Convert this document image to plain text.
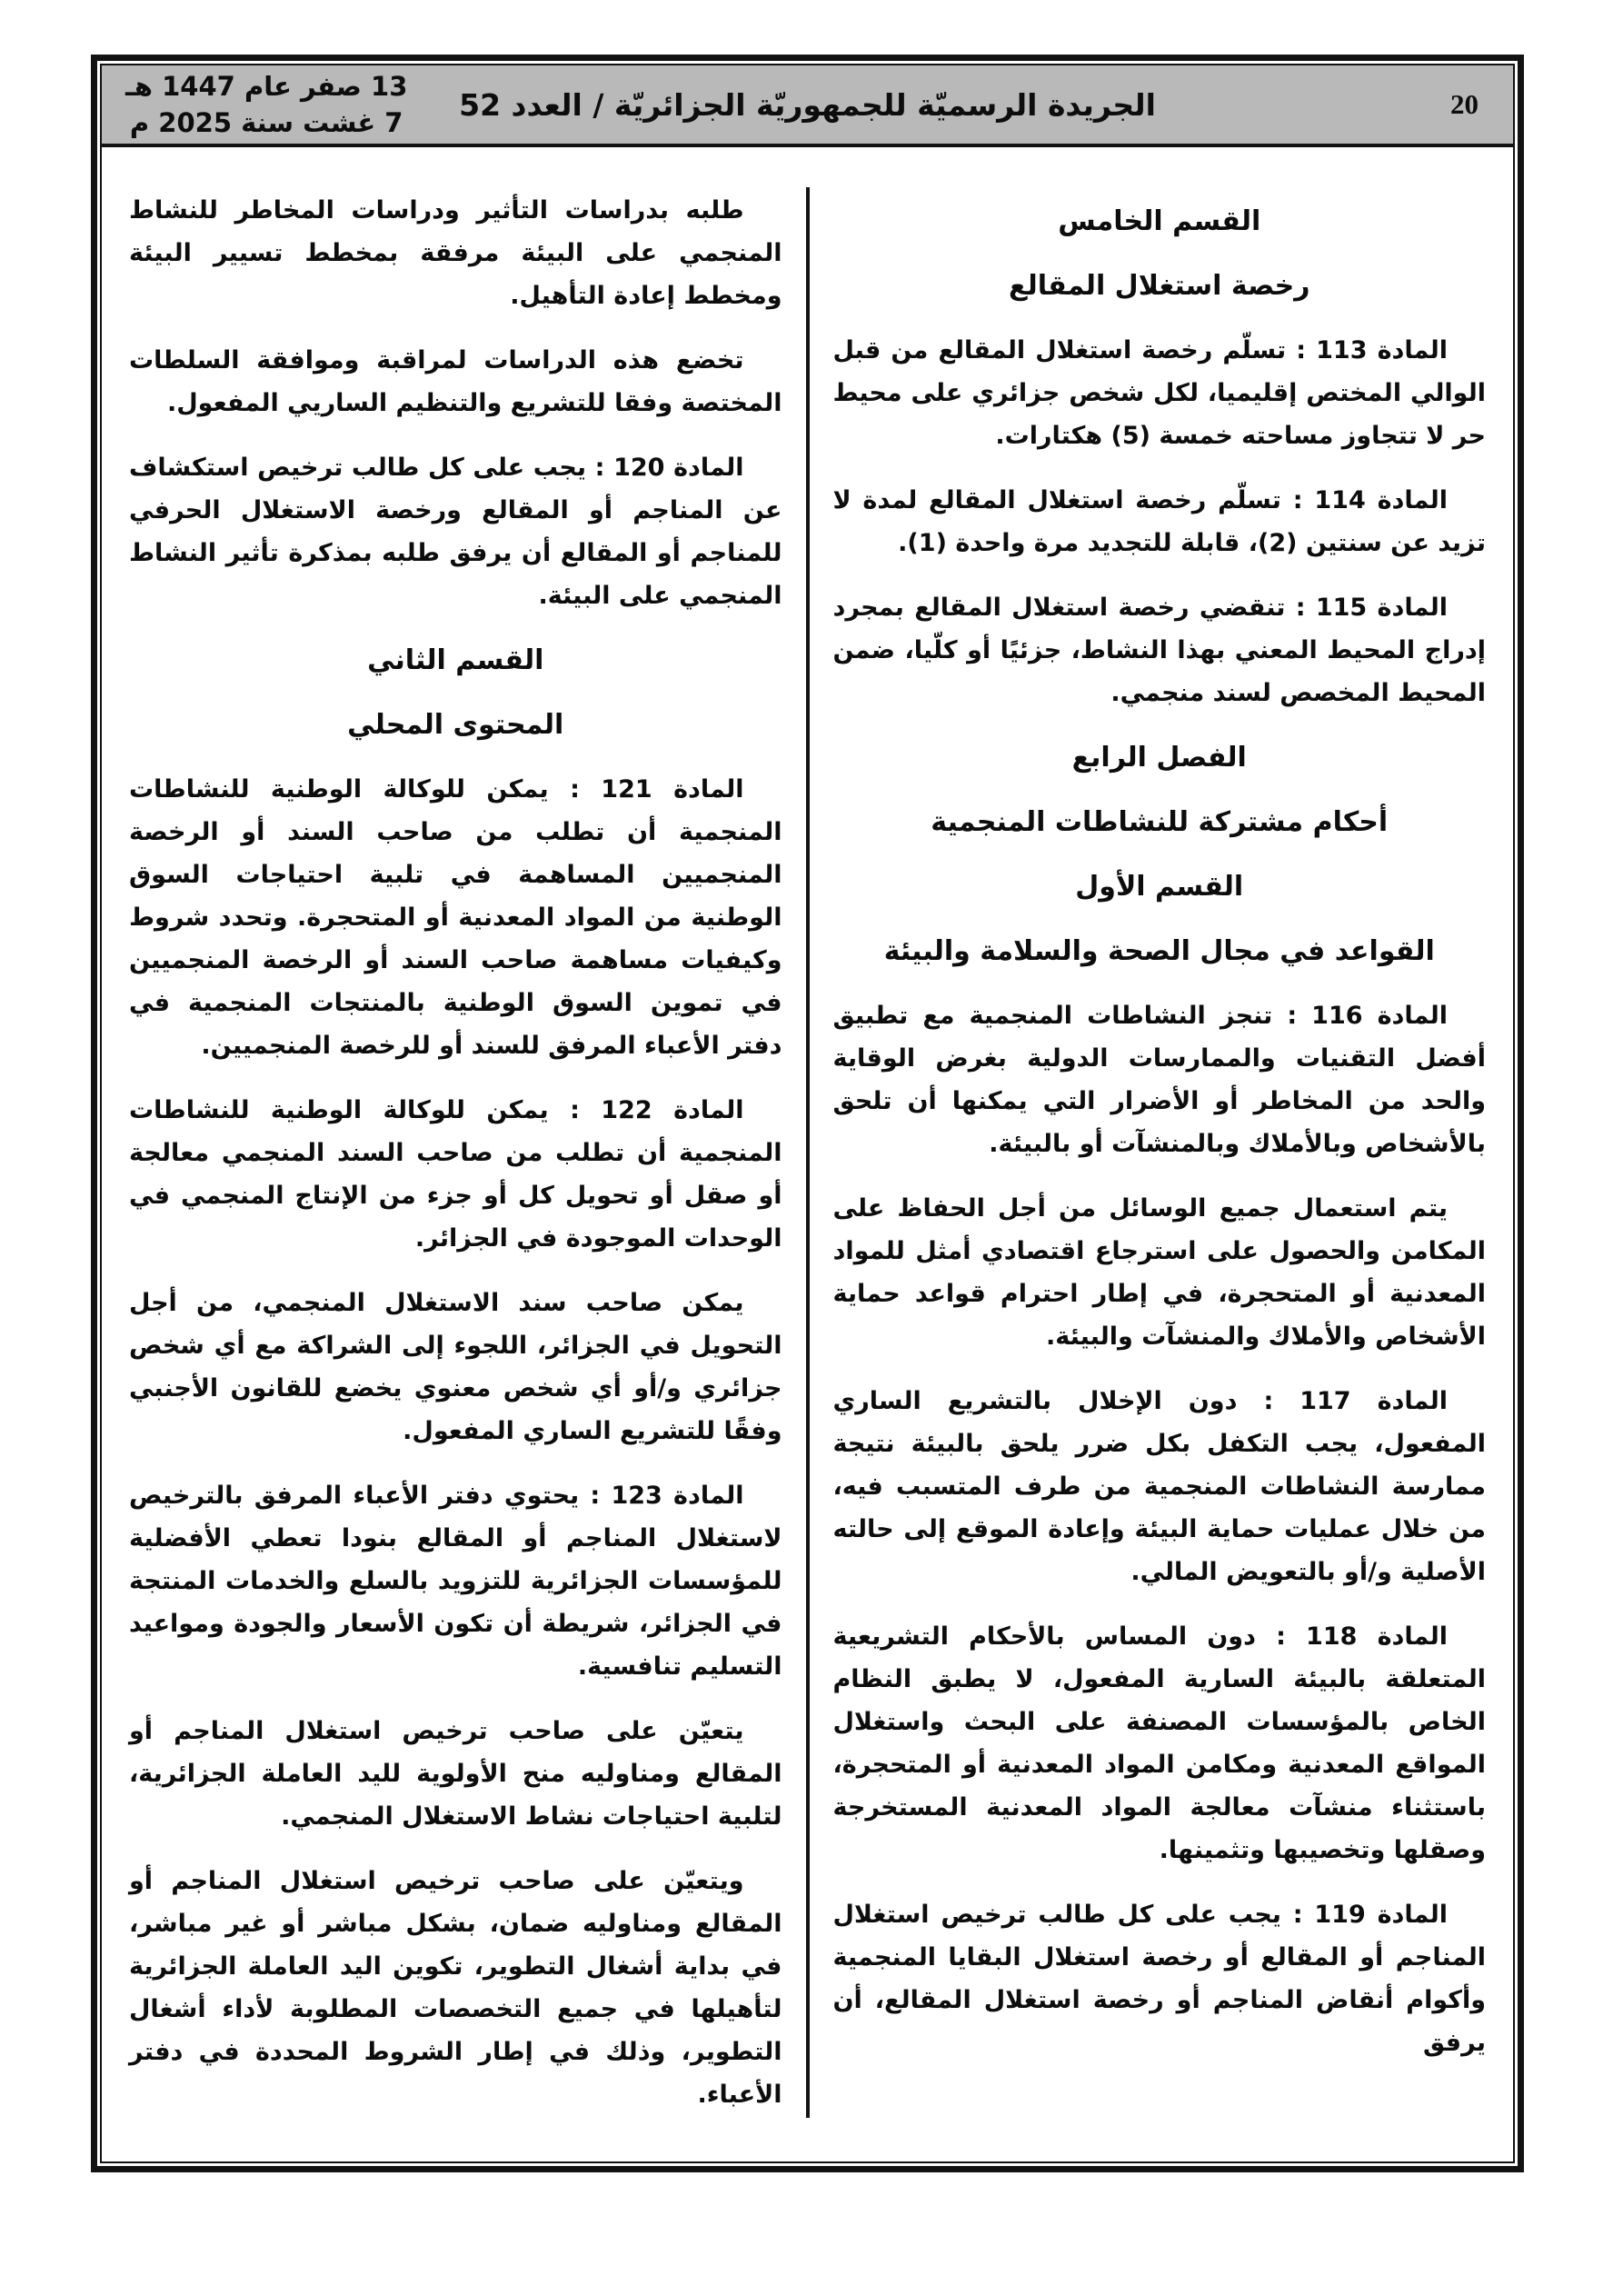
13 صفر عام 1447 هـ
7 غشت سنة 2025 م
الجريدة الرسميّة للجمهوريّة الجزائريّة / العدد 52	20
القسم الخامس
رخصة استغلال المقالع

المادة 113 : تسلّم رخصة استغلال المقالع من قبل الوالي المختص إقليميا، لكل شخص جزائري على محيط حر لا تتجاوز مساحته خمسة (5) هكتارات.

المادة 114 : تسلّم رخصة استغلال المقالع لمدة لا تزيد عن سنتين (2)، قابلة للتجديد مرة واحدة (1).

المادة 115 : تنقضي رخصة استغلال المقالع بمجرد إدراج المحيط المعني بهذا النشاط، جزئيًا أو كلّيا، ضمن المحيط المخصص لسند منجمي.

الفصل الرابع
أحكام مشتركة للنشاطات المنجمية
القسم الأول
القواعد في مجال الصحة والسلامة والبيئة

المادة 116 : تنجز النشاطات المنجمية مع تطبيق أفضل التقنيات والممارسات الدولية بغرض الوقاية والحد من المخاطر أو الأضرار التي يمكنها أن تلحق بالأشخاص وبالأملاك وبالمنشآت أو بالبيئة.

يتم استعمال جميع الوسائل من أجل الحفاظ على المكامن والحصول على استرجاع اقتصادي أمثل للمواد المعدنية أو المتحجرة، في إطار احترام قواعد حماية الأشخاص والأملاك والمنشآت والبيئة.

المادة 117 : دون الإخلال بالتشريع الساري المفعول، يجب التكفل بكل ضرر يلحق بالبيئة نتيجة ممارسة النشاطات المنجمية من طرف المتسبب فيه، من خلال عمليات حماية البيئة وإعادة الموقع إلى حالته الأصلية و/أو بالتعويض المالي.

المادة 118 : دون المساس بالأحكام التشريعية المتعلقة بالبيئة السارية المفعول، لا يطبق النظام الخاص بالمؤسسات المصنفة على البحث واستغلال المواقع المعدنية ومكامن المواد المعدنية أو المتحجرة، باستثناء منشآت معالجة المواد المعدنية المستخرجة وصقلها وتخصيبها وتثمينها.

المادة 119 : يجب على كل طالب ترخيص استغلال المناجم أو المقالع أو رخصة استغلال البقايا المنجمية وأكوام أنقاض المناجم أو رخصة استغلال المقالع، أن يرفق

طلبه بدراسات التأثير ودراسات المخاطر للنشاط المنجمي على البيئة مرفقة بمخطط تسيير البيئة ومخطط إعادة التأهيل.

تخضع هذه الدراسات لمراقبة وموافقة السلطات المختصة وفقا للتشريع والتنظيم الساريي المفعول.

المادة 120 : يجب على كل طالب ترخيص استكشاف عن المناجم أو المقالع ورخصة الاستغلال الحرفي للمناجم أو المقالع أن يرفق طلبه بمذكرة تأثير النشاط المنجمي على البيئة.

القسم الثاني
المحتوى المحلي

المادة 121 : يمكن للوكالة الوطنية للنشاطات المنجمية أن تطلب من صاحب السند أو الرخصة المنجميين المساهمة في تلبية احتياجات السوق الوطنية من المواد المعدنية أو المتحجرة. وتحدد شروط وكيفيات مساهمة صاحب السند أو الرخصة المنجميين في تموين السوق الوطنية بالمنتجات المنجمية في دفتر الأعباء المرفق للسند أو للرخصة المنجميين.

المادة 122 : يمكن للوكالة الوطنية للنشاطات المنجمية أن تطلب من صاحب السند المنجمي معالجة أو صقل أو تحويل كل أو جزء من الإنتاج المنجمي في الوحدات الموجودة في الجزائر.

يمكن صاحب سند الاستغلال المنجمي، من أجل التحويل في الجزائر، اللجوء إلى الشراكة مع أي شخص جزائري و/أو أي شخص معنوي يخضع للقانون الأجنبي وفقًا للتشريع الساري المفعول.

المادة 123 : يحتوي دفتر الأعباء المرفق بالترخيص لاستغلال المناجم أو المقالع بنودا تعطي الأفضلية للمؤسسات الجزائرية للتزويد بالسلع والخدمات المنتجة في الجزائر، شريطة أن تكون الأسعار والجودة ومواعيد التسليم تنافسية.

يتعيّن على صاحب ترخيص استغلال المناجم أو المقالع ومناوليه منح الأولوية لليد العاملة الجزائرية، لتلبية احتياجات نشاط الاستغلال المنجمي.

ويتعيّن على صاحب ترخيص استغلال المناجم أو المقالع ومناوليه ضمان، بشكل مباشر أو غير مباشر، في بداية أشغال التطوير، تكوين اليد العاملة الجزائرية لتأهيلها في جميع التخصصات المطلوبة لأداء أشغال التطوير، وذلك في إطار الشروط المحددة في دفتر الأعباء.
